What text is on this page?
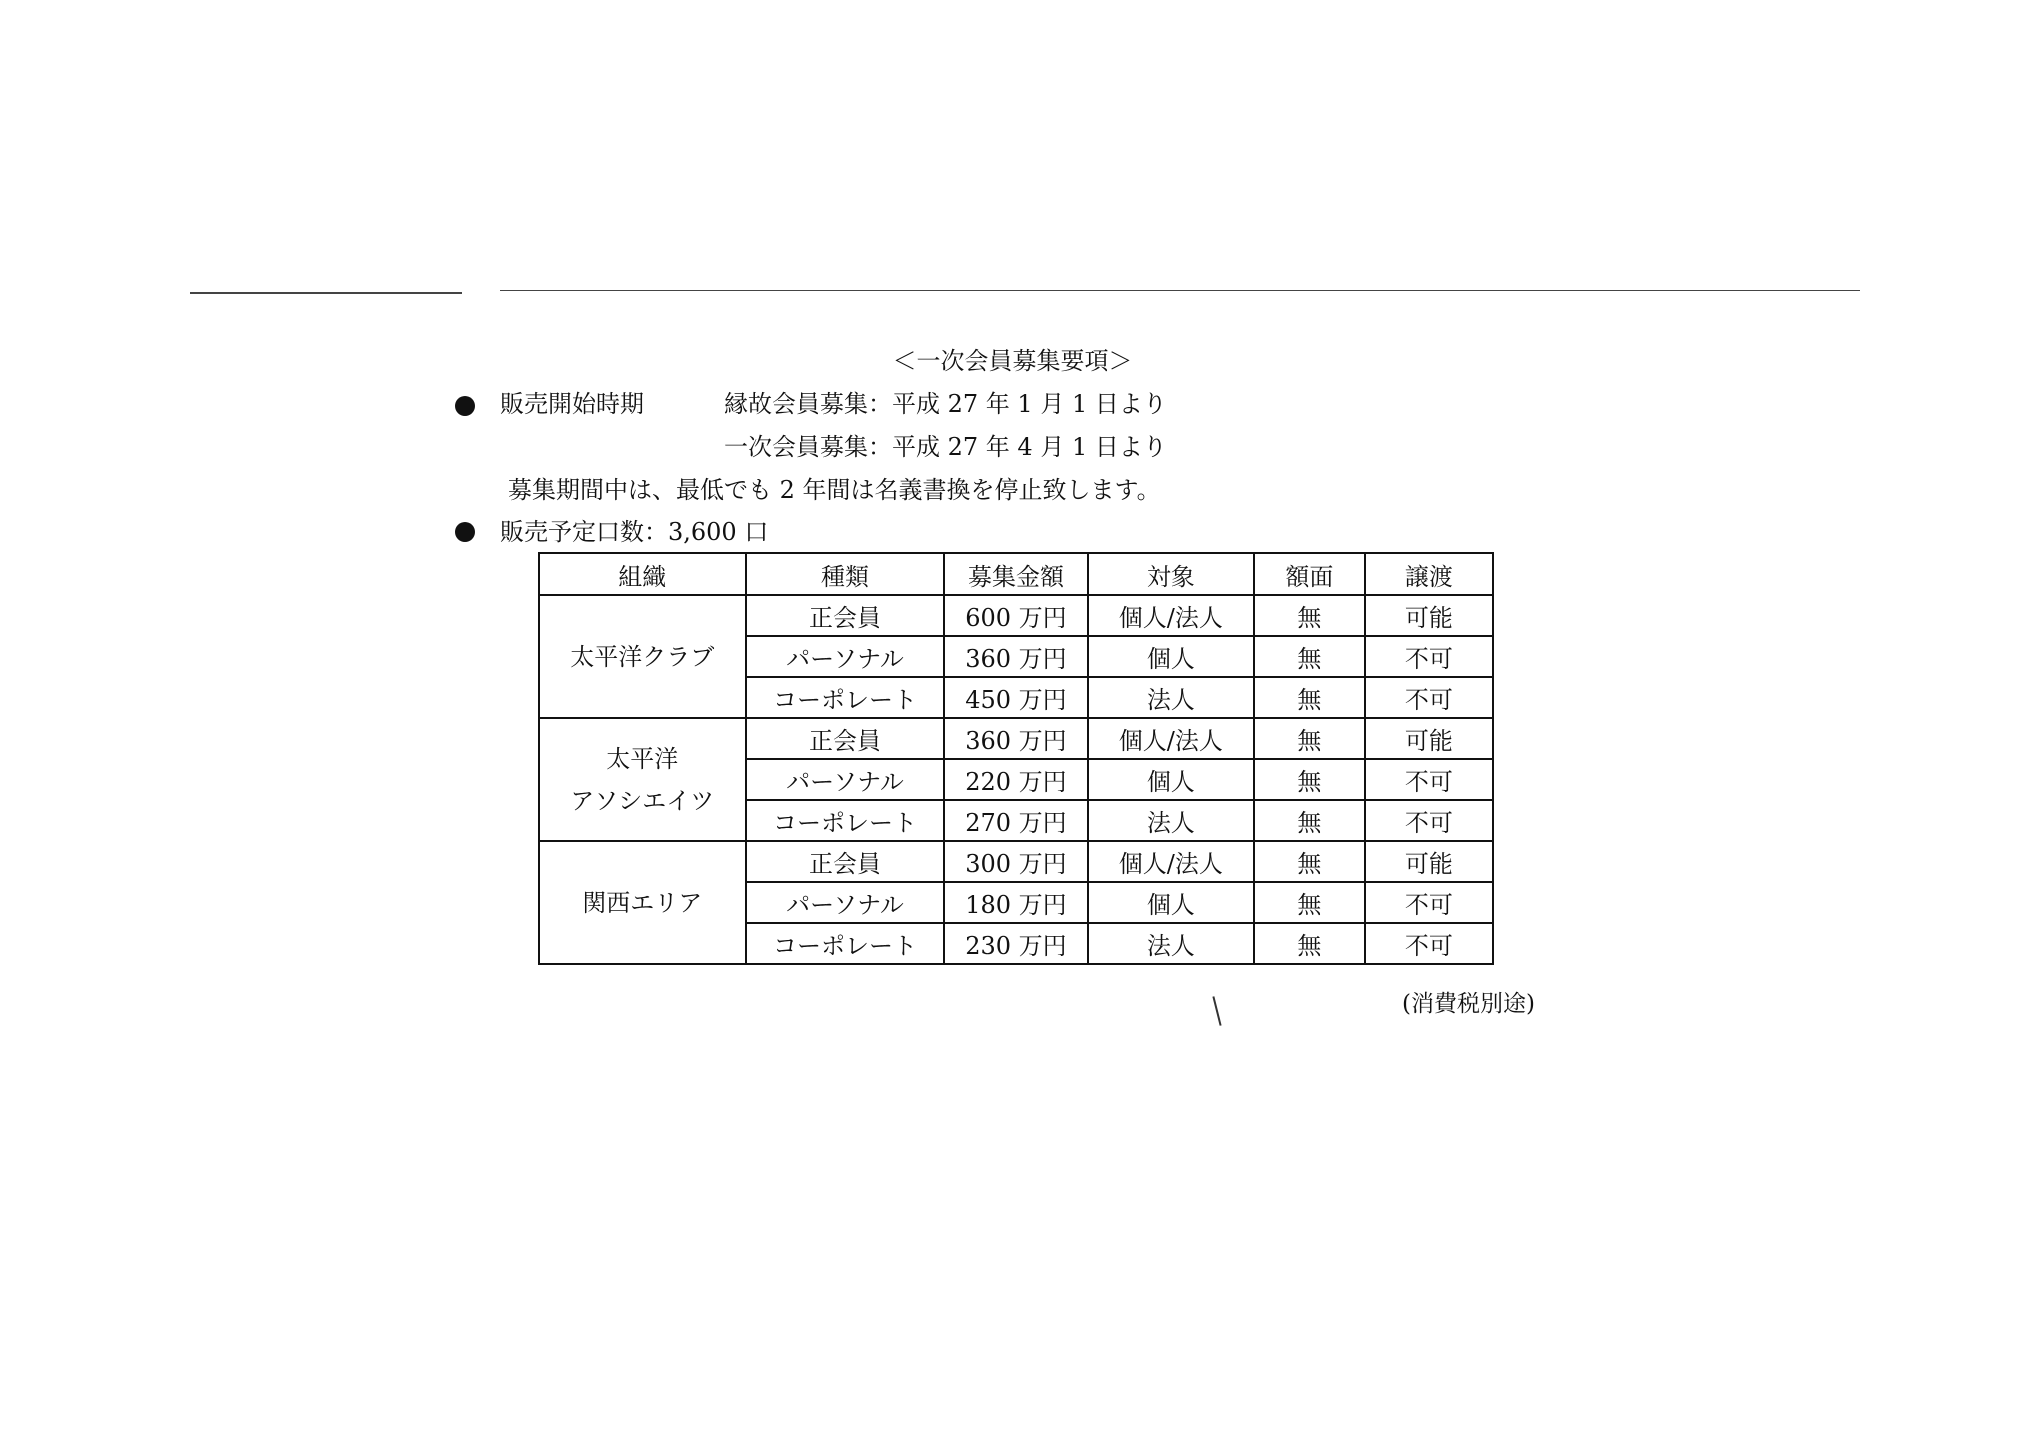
＜一次会員募集要項＞
販売開始時期	縁故会員募集：平成 27 年 1 月 1 日より
一次会員募集：平成 27 年 4 月 1 日より
募集期間中は、最低でも 2 年間は名義書換を停止致します。
販売予定口数：3,600 口
組織	種類	募集金額	対象	額面	譲渡
太平洋クラブ	正会員	600 万円	個人/法人	無	可能
	パーソナル	360 万円	個人	無	不可
	コーポレート	450 万円	法人	無	不可

太平洋
アソシエイツ	正会員	360 万円	個人/法人	無	可能
	パーソナル	220 万円	個人	無	不可
	コーポレート	270 万円	法人	無	不可
関西エリア	正会員	300 万円	個人/法人	無	可能
	パーソナル	180 万円	個人	無	不可
	コーポレート	230 万円	法人	無	不可
(消費税別途)
